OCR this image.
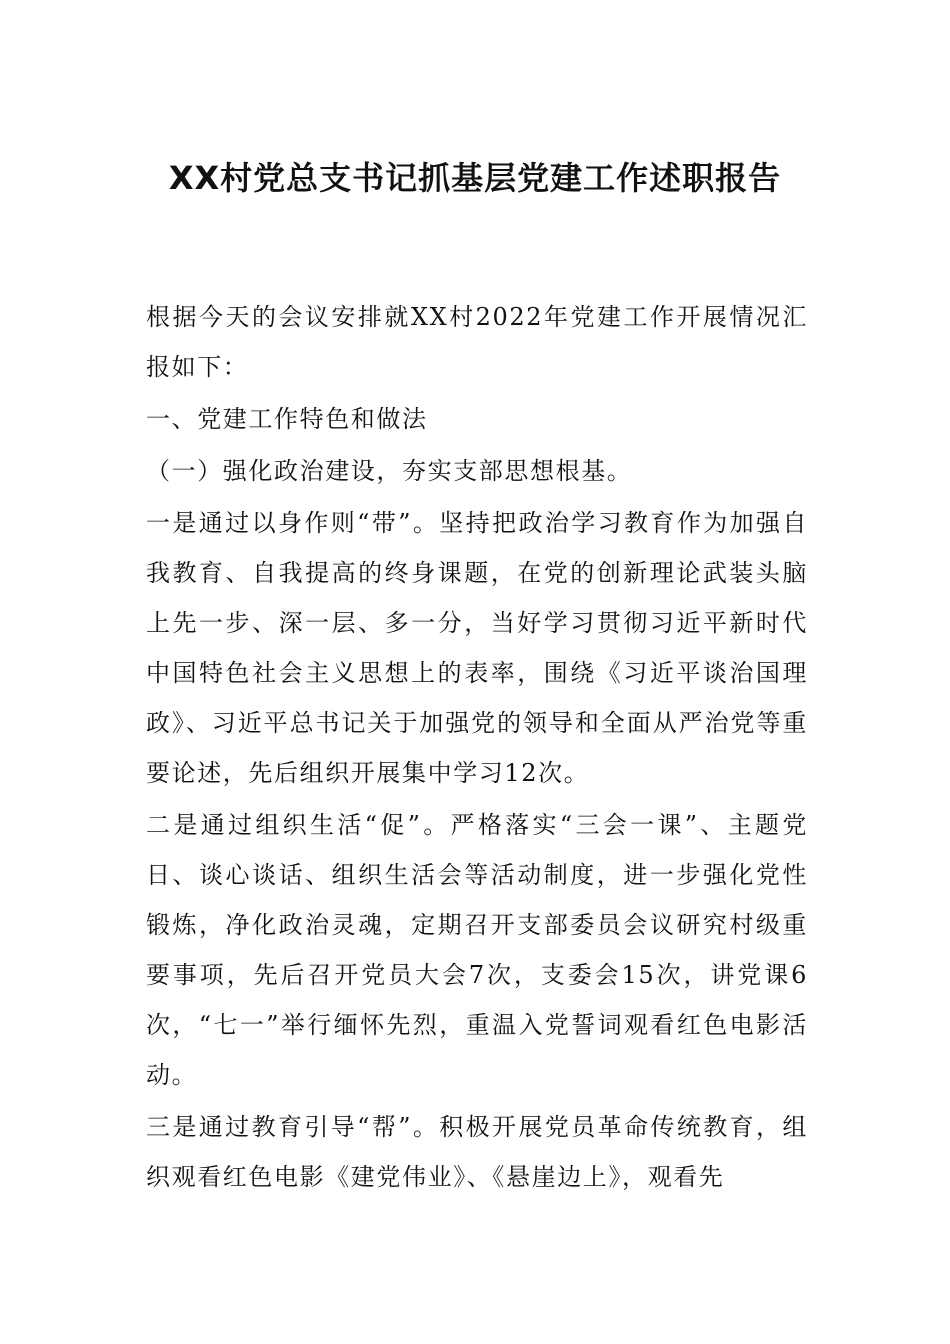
XX村党总支书记抓基层党建工作述职报告

根据今天的会议安排就XX村2022年党建工作开展情况汇报如下：

一、党建工作特色和做法

（一）强化政治建设，夯实支部思想根基。

一是通过以身作则“带”。坚持把政治学习教育作为加强自我教育、自我提高的终身课题，在党的创新理论武装头脑上先一步、深一层、多一分，当好学习贯彻习近平新时代中国特色社会主义思想上的表率，围绕《习近平谈治国理政》、习近平总书记关于加强党的领导和全面从严治党等重要论述，先后组织开展集中学习12次。

二是通过组织生活“促”。严格落实“三会一课”、主题党日、谈心谈话、组织生活会等活动制度，进一步强化党性锻炼，净化政治灵魂，定期召开支部委员会议研究村级重要事项，先后召开党员大会7次，支委会15次，讲党课6次，“七一”举行缅怀先烈，重温入党誓词观看红色电影活动。

三是通过教育引导“帮”。积极开展党员革命传统教育，组织观看红色电影《建党伟业》、《悬崖边上》，观看先
